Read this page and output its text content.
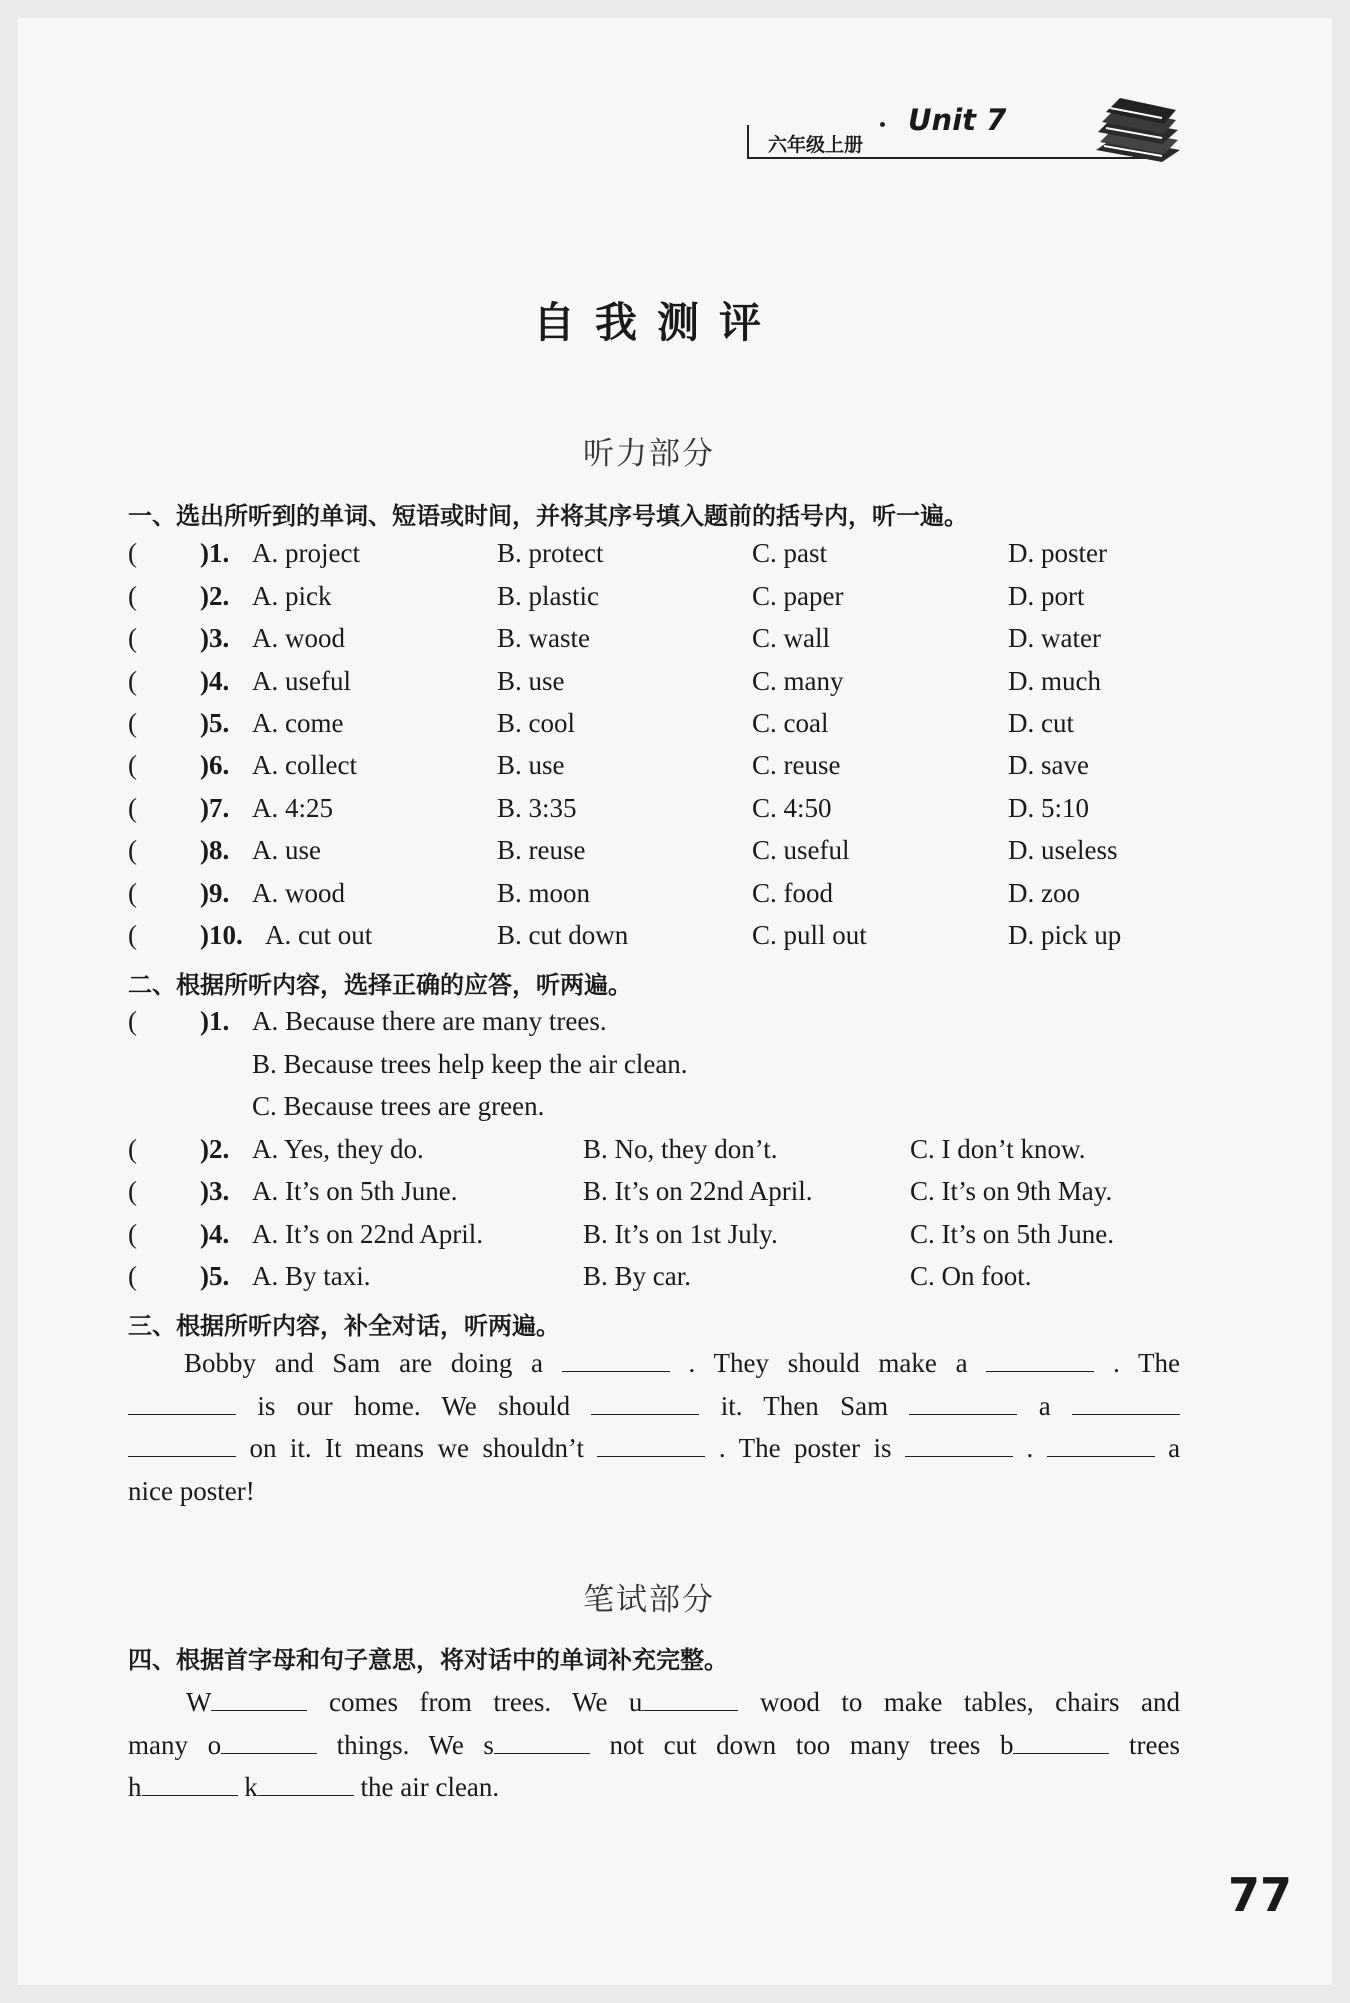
六年级上册
Unit 7
自我测评
听力部分
一、选出所听到的单词、短语或时间，并将其序号填入题前的括号内，听一遍。
( )1. A. project	B. protect	C. past	D. poster
( )2. A. pick	B. plastic	C. paper	D. port
( )3. A. wood	B. waste	C. wall	D. water
( )4. A. useful	B. use	C. many	D. much
( )5. A. come	B. cool	C. coal	D. cut
( )6. A. collect	B. use	C. reuse	D. save
( )7. A. 4:25	B. 3:35	C. 4:50	D. 5:10
( )8. A. use	B. reuse	C. useful	D. useless
( )9. A. wood	B. moon	C. food	D. zoo
( )10. A. cut out	B. cut down	C. pull out	D. pick up
二、根据所听内容，选择正确的应答，听两遍。
( )1. A. Because there are many trees.
B. Because trees help keep the air clean.
C. Because trees are green.
( )2. A. Yes, they do.	B. No, they don’t.	C. I don’t know.
( )3. A. It’s on 5th June.	B. It’s on 22nd April.	C. It’s on 9th May.
( )4. A. It’s on 22nd April.	B. It’s on 1st July.	C. It’s on 5th June.
( )5. A. By taxi.	B. By car.	C. On foot.
三、根据所听内容，补全对话，听两遍。
Bobby and Sam are doing a	. They should make a	. The
is our home. We should	it. Then Sam	a
on it. It means we shouldn’t	. The poster is	.	a
nice poster!
笔试部分
四、根据首字母和句子意思，将对话中的单词补充完整。
W	comes from trees. We u	wood to make tables, chairs and
many o	things. We s	not cut down too many trees b	trees
h	k	the air clean.
77
